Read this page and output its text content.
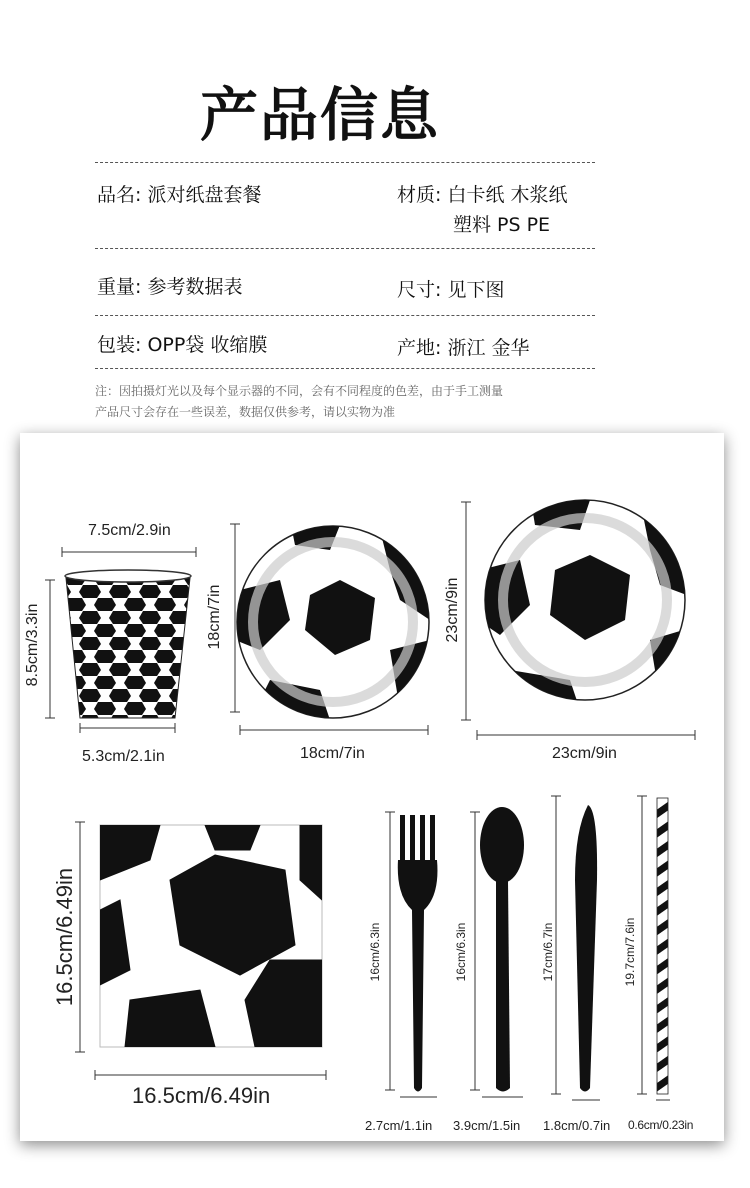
产品信息
品名: 派对纸盘套餐	材质: 白卡纸 木浆纸
塑料 PS PE
重量: 参考数据表	尺寸: 见下图
包装: OPP袋 收缩膜	产地: 浙江 金华
注：因拍摄灯光以及每个显示器的不同，会有不同程度的色差，由于手工测量
产品尺寸会存在一些误差，数据仅供参考，请以实物为准
7.5cm/2.9in
8.5cm/3.3in
5.3cm/2.1in
18cm/7in
18cm/7in
23cm/9in
23cm/9in
16.5cm/6.49in
16.5cm/6.49in
16cm/6.3in
2.7cm/1.1in
16cm/6.3in
3.9cm/1.5in
17cm/6.7in
1.8cm/0.7in
19.7cm/7.6in
0.6cm/0.23in
